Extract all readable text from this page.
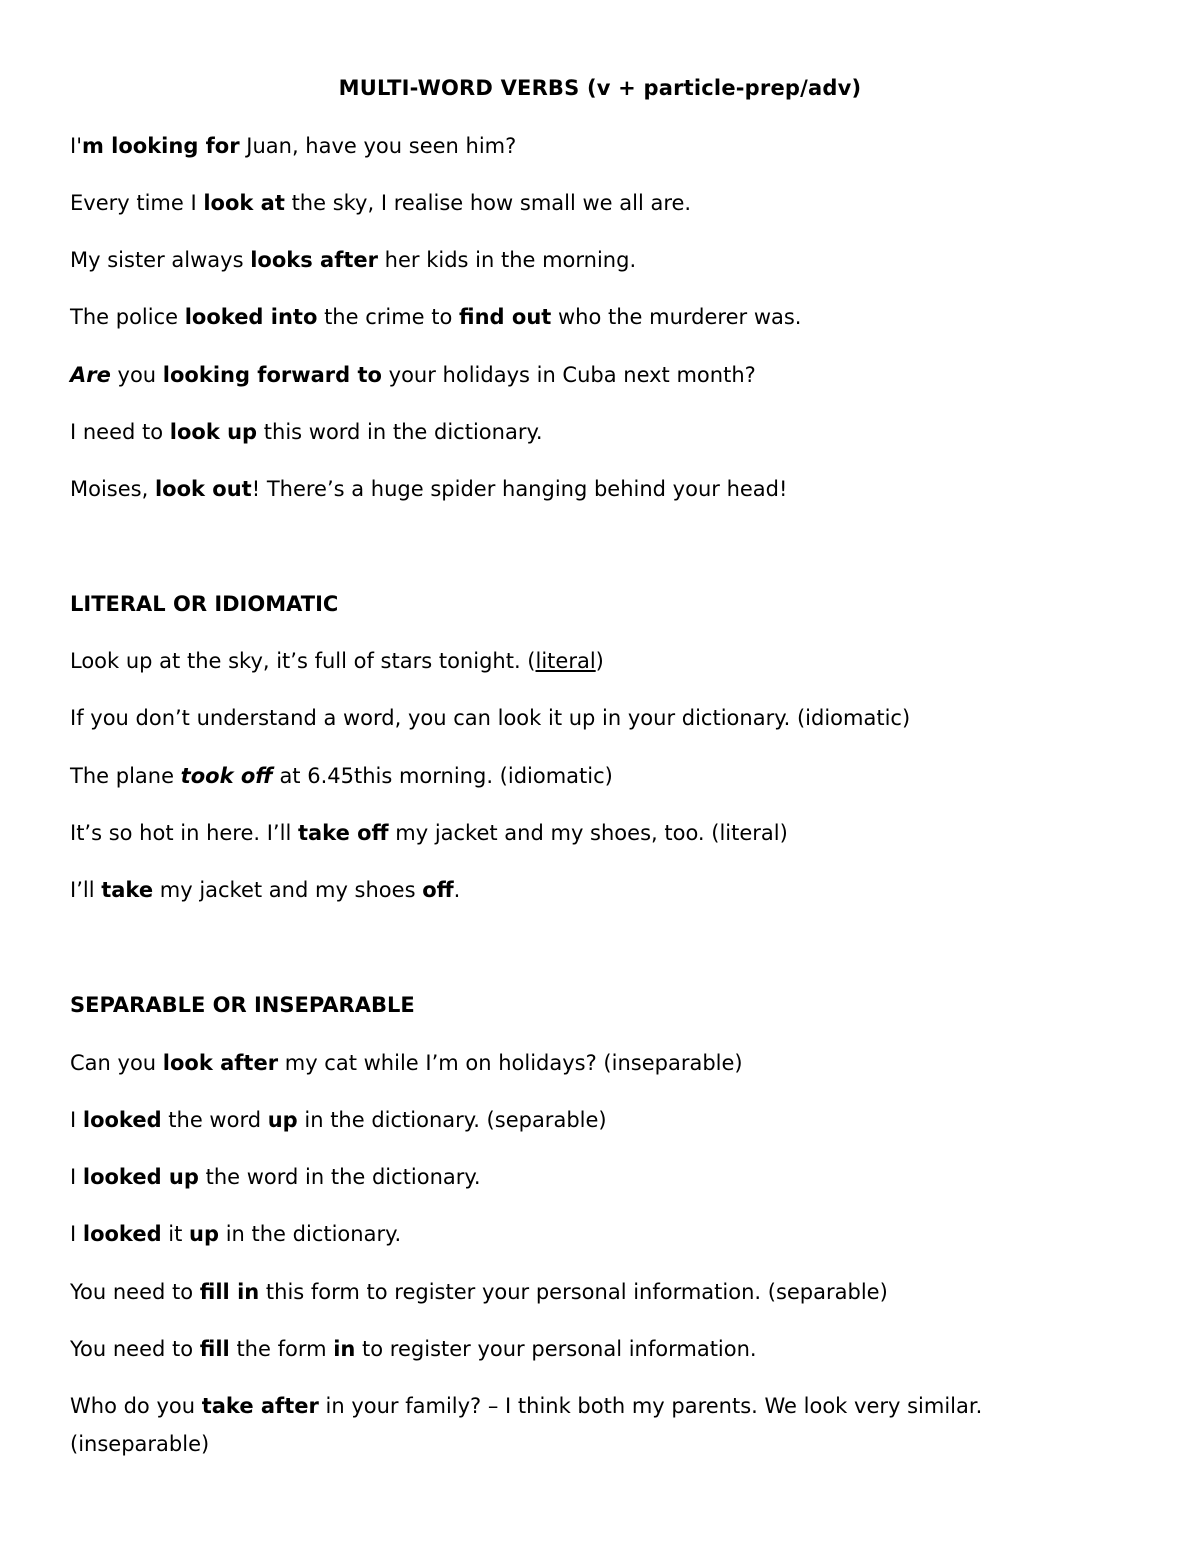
MULTI-WORD VERBS (v + particle-prep/adv)
I'm looking for Juan, have you seen him?
Every time I look at the sky, I realise how small we all are.
My sister always looks after her kids in the morning.
The police looked into the crime to find out who the murderer was.
Are you looking forward to your holidays in Cuba next month?
I need to look up this word in the dictionary.
Moises, look out! There’s a huge spider hanging behind your head!
LITERAL OR IDIOMATIC
Look up at the sky, it’s full of stars tonight. (literal)
If you don’t understand a word, you can look it up in your dictionary. (idiomatic)
The plane took off at 6.45this morning. (idiomatic)
It’s so hot in here. I’ll take off my jacket and my shoes, too. (literal)
I’ll take my jacket and my shoes off.
SEPARABLE OR INSEPARABLE
Can you look after my cat while I’m on holidays? (inseparable)
I looked the word up in the dictionary. (separable)
I looked up the word in the dictionary.
I looked it up in the dictionary.
You need to fill in this form to register your personal information. (separable)
You need to fill the form in to register your personal information.
Who do you take after in your family? – I think both my parents. We look very similar. (inseparable)
